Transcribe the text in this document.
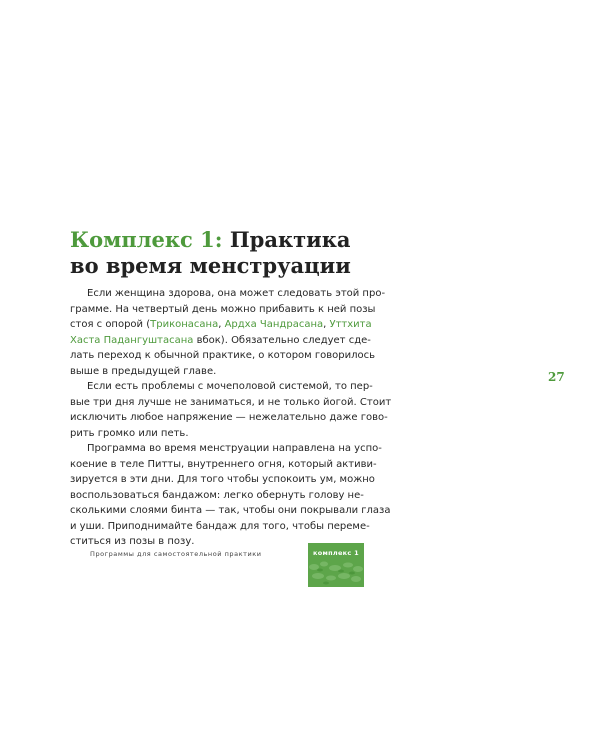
Комплекс 1: Практика
во время менструации
Если женщина здорова, она может следовать этой про-
грамме. На четвертый день можно прибавить к ней позы
стоя с опорой (Триконасана, Ардха Чандрасана, Уттхита
Хаста Падангуштасана вбок). Обязательно следует сде-
лать переход к обычной практике, о котором говорилось
выше в предыдущей главе.
Если есть проблемы с мочеполовой системой, то пер-
вые три дня лучше не заниматься, и не только йогой. Стоит
исключить любое напряжение — нежелательно даже гово-
рить громко или петь.
Программа во время менструации направлена на успо-
коение в теле Питты, внутреннего огня, который активи-
зируется в эти дни. Для того чтобы успокоить ум, можно
воспользоваться бандажом: легко обернуть голову не-
сколькими слоями бинта — так, чтобы они покрывали глаза
и уши. Приподнимайте бандаж для того, чтобы переме-
ститься из позы в позу.
27
Программы для самостоятельной практики	комплекс 1
